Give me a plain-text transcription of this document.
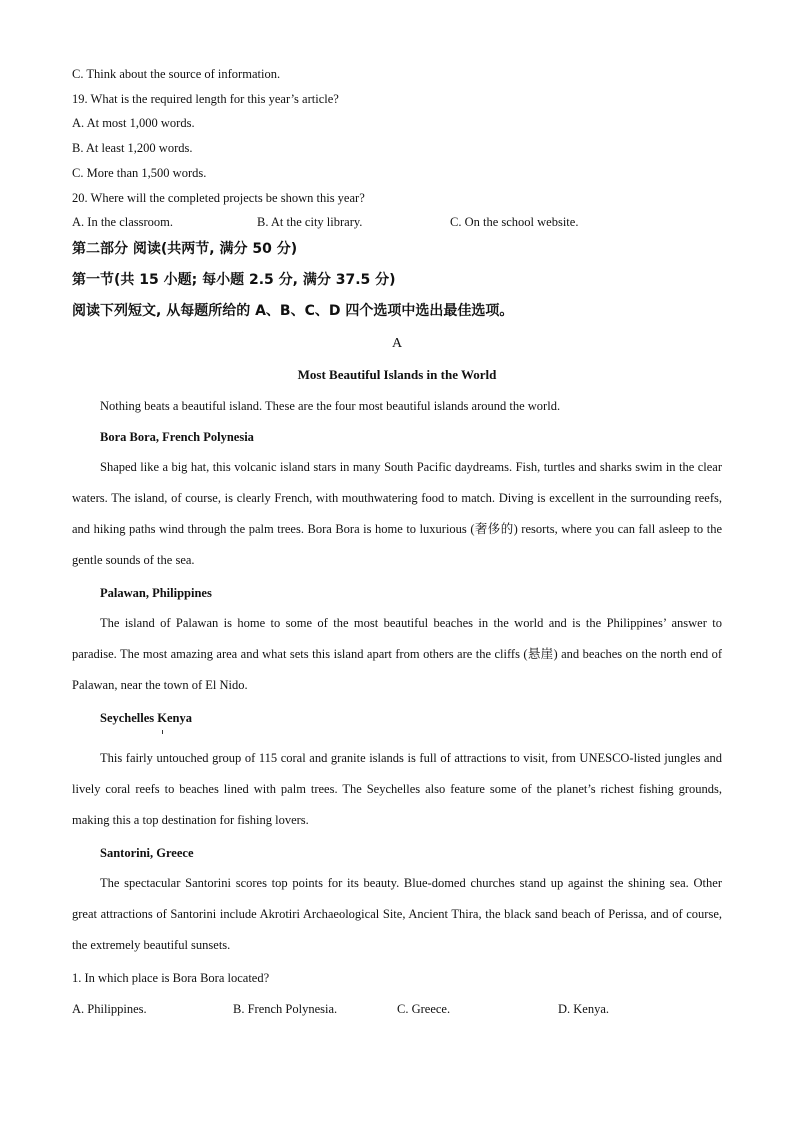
C. Think about the source of information.
19. What is the required length for this year’s article?
A. At most 1,000 words.
B. At least 1,200 words.
C. More than 1,500 words.
20. Where will the completed projects be shown this year?
A. In the classroom.	B. At the city library.	C. On the school website.
第二部分 阅读(共两节, 满分 50 分)
第一节(共 15 小题; 每小题 2.5 分, 满分 37.5 分)
阅读下列短文, 从每题所给的 A、B、C、D 四个选项中选出最佳选项。
A
Most Beautiful Islands in the World
Nothing beats a beautiful island. These are the four most beautiful islands around the world.
Bora Bora, French Polynesia

Shaped like a big hat, this volcanic island stars in many South Pacific daydreams. Fish, turtles and sharks swim in the clear waters. The island, of course, is clearly French, with mouthwatering food to match. Diving is excellent in the surrounding reefs, and hiking paths wind through the palm trees. Bora Bora is home to luxurious (奢侈的) resorts, where you can fall asleep to the gentle sounds of the sea.

Palawan, Philippines

The island of Palawan is home to some of the most beautiful beaches in the world and is the Philippines’ answer to paradise. The most amazing area and what sets this island apart from others are the cliffs (悬崖) and beaches on the north end of Palawan, near the town of El Nido.

Seychelles Kenya

This fairly untouched group of 115 coral and granite islands is full of attractions to visit, from UNESCO-listed jungles and lively coral reefs to beaches lined with palm trees. The Seychelles also feature some of the planet’s richest fishing grounds, making this a top destination for fishing lovers.

Santorini, Greece

The spectacular Santorini scores top points for its beauty. Blue-domed churches stand up against the shining sea. Other great attractions of Santorini include Akrotiri Archaeological Site, Ancient Thira, the black sand beach of Perissa, and of course, the extremely beautiful sunsets.

1. In which place is Bora Bora located?
A. Philippines.	B. French Polynesia.	C. Greece.	D. Kenya.
